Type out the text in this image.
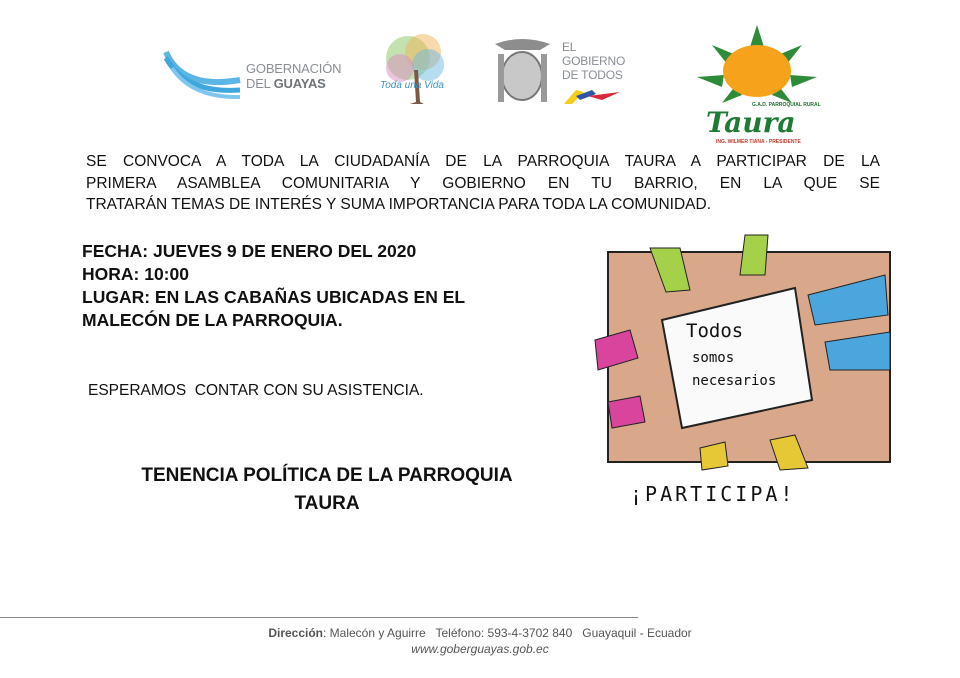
GOBERNACIÓN
DEL GUAYAS	Toda una Vida
EL
GOBIERNO
DE TODOS
G.A.D. PARROQUIAL RURAL
Taura
ING. WILMER TIANA - PRESIDENTE
SE CONVOCA A TODA LA CIUDADANÍA DE LA PARROQUIA TAURA A PARTICIPAR DE LA
PRIMERA ASAMBLEA COMUNITARIA Y GOBIERNO EN TU BARRIO, EN LA QUE SE
TRATARÁN TEMAS DE INTERÉS Y SUMA IMPORTANCIA PARA TODA LA COMUNIDAD.
FECHA: JUEVES 9 DE ENERO DEL 2020
HORA: 10:00
LUGAR: EN LAS CABAÑAS UBICADAS EN EL
MALECÓN DE LA PARROQUIA.
ESPERAMOS  CONTAR CON SU ASISTENCIA.
TENENCIA POLÍTICA DE LA PARROQUIA
TAURA
Todos
somos
necesarios
¡PARTICIPA!
Dirección: Malecón y Aguirre   Teléfono: 593-4-3702 840   Guayaquil - Ecuador
www.goberguayas.gob.ec
